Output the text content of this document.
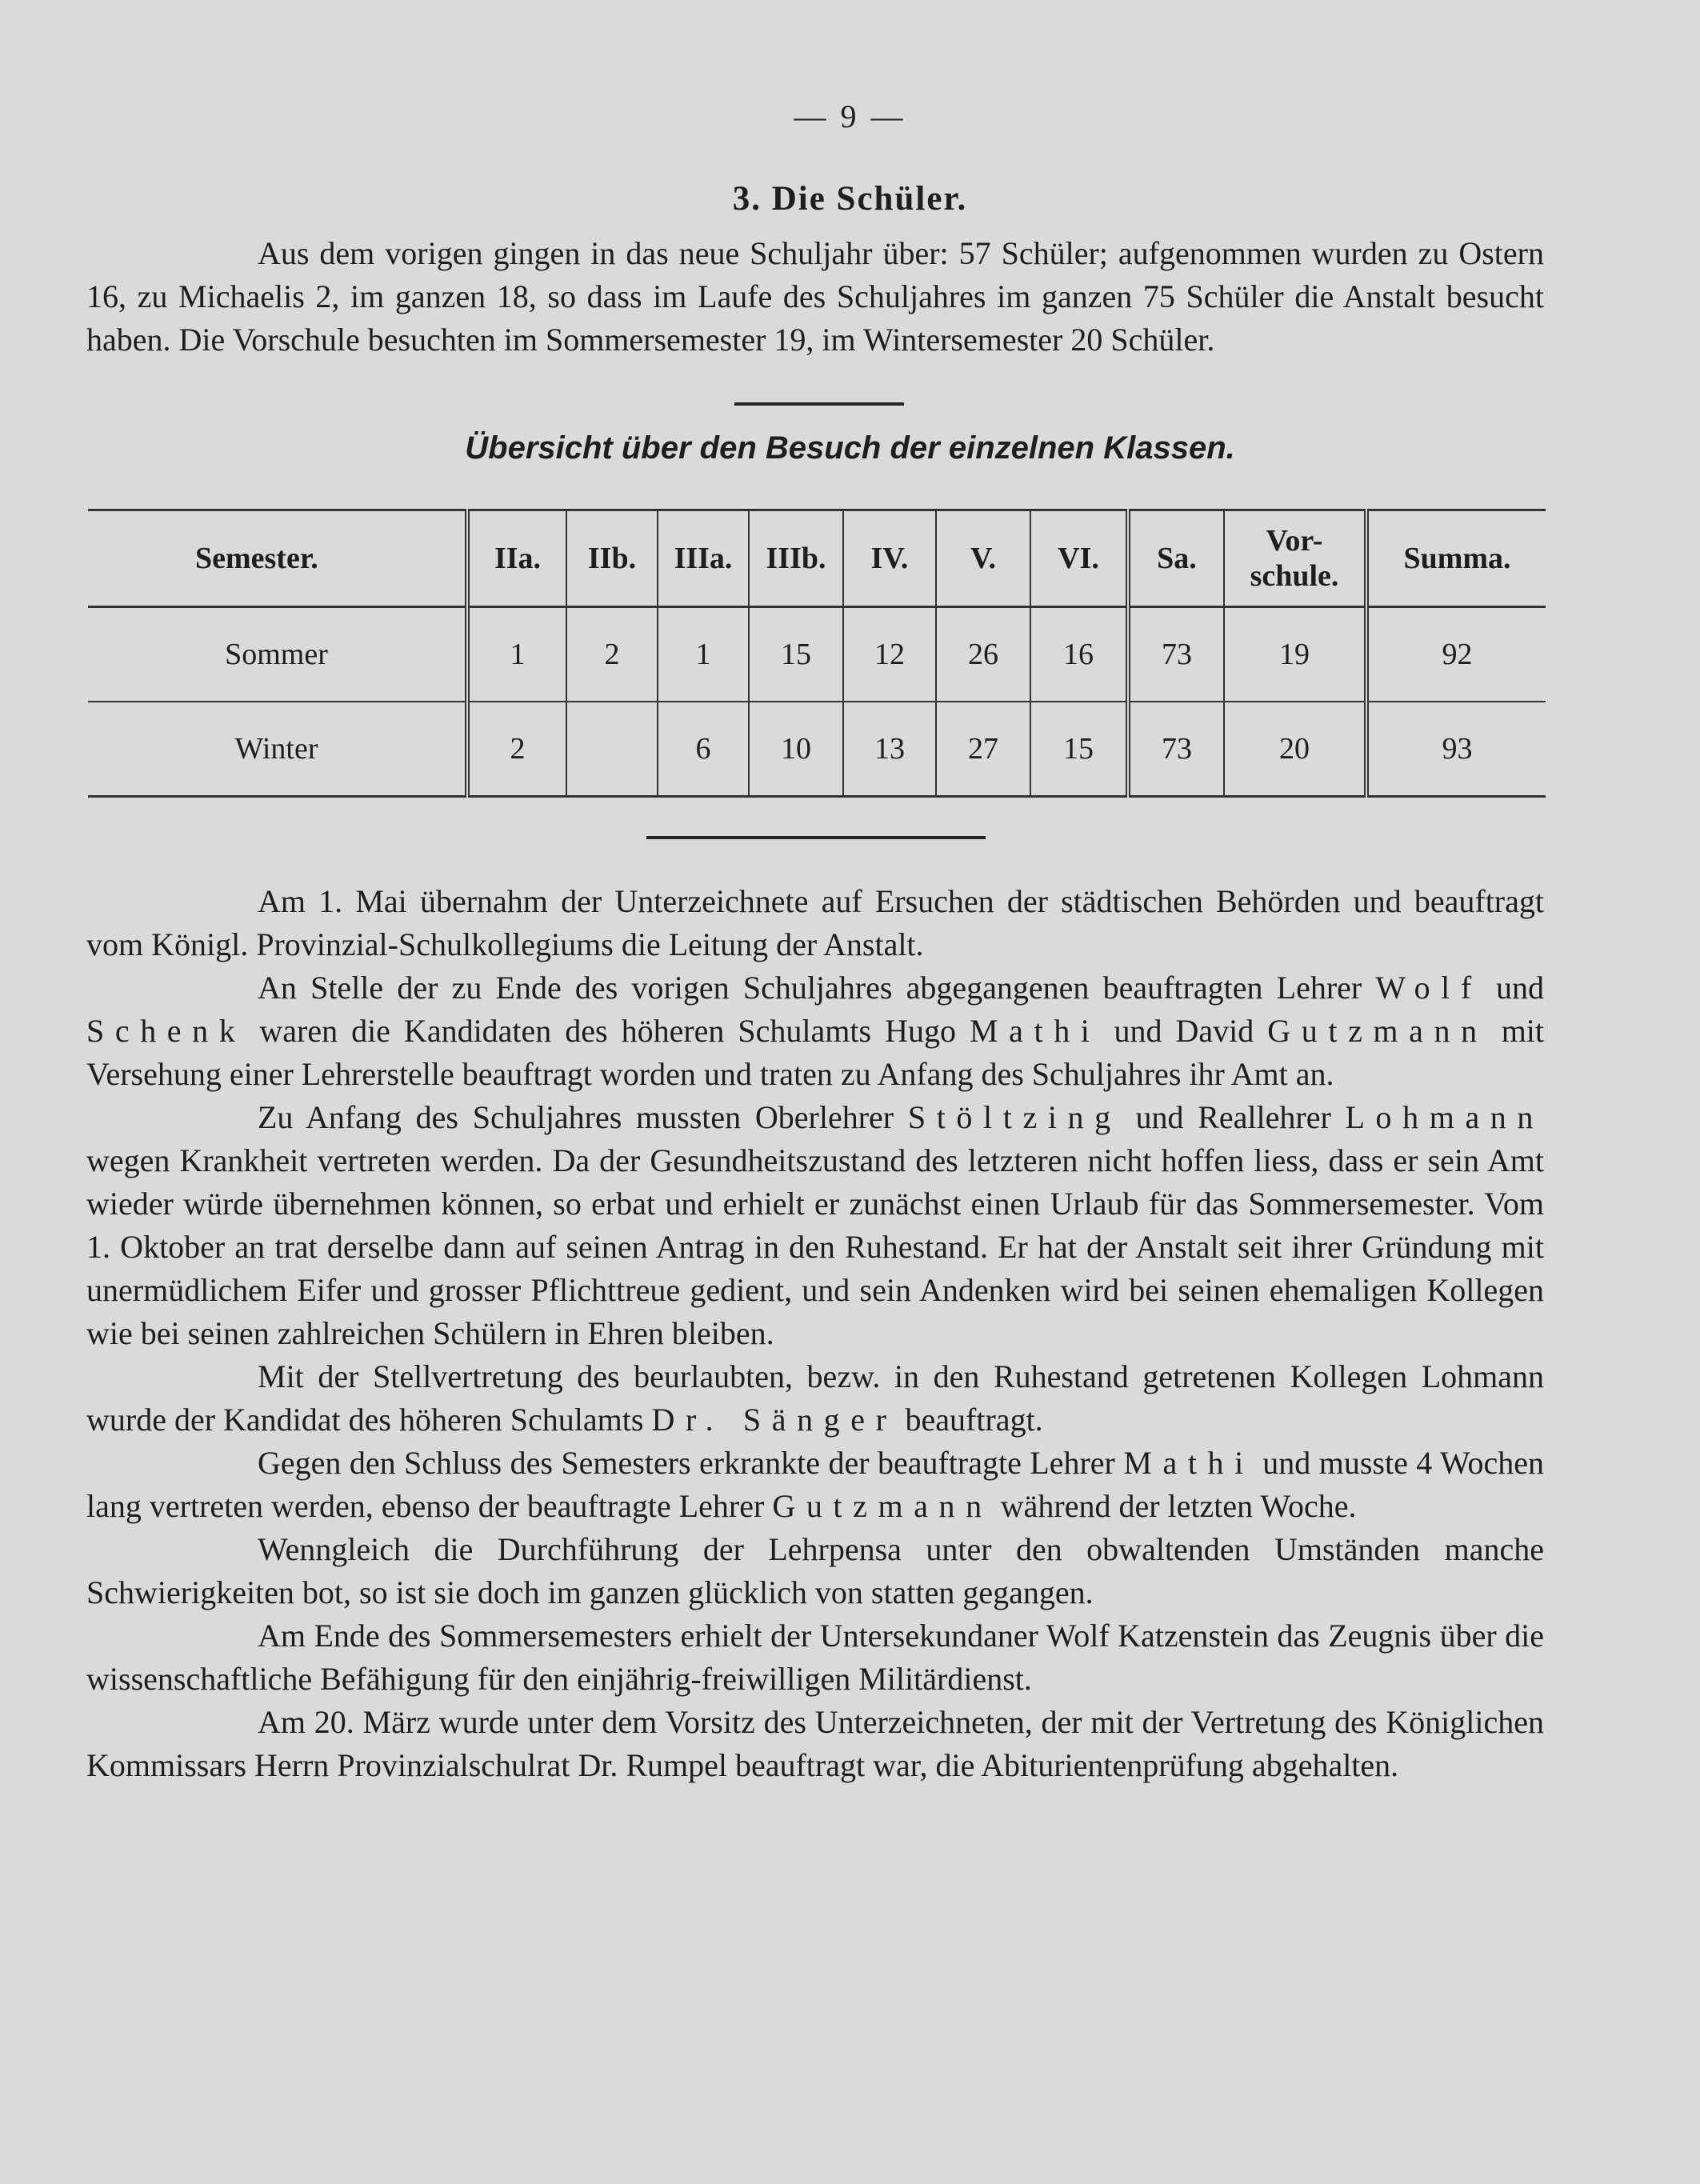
— 9 —
3. Die Schüler.

Aus dem vorigen gingen in das neue Schuljahr über: 57 Schüler; aufgenommen wurden zu Ostern 16, zu Michaelis 2, im ganzen 18, so dass im Laufe des Schuljahres im ganzen 75 Schüler die Anstalt besucht haben. Die Vorschule besuchten im Sommersemester 19, im Wintersemester 20 Schüler.

Übersicht über den Besuch der einzelnen Klassen.
Semester.	IIa.	IIb.	IIIa.	IIIb.	IV.	V.	VI.	Sa.	Vor-
schule.	Summa.
Sommer	1	2	1	15	12	26	16	73	19	92
Winter	2		6	10	13	27	15	73	20	93

Am 1. Mai übernahm der Unterzeichnete auf Ersuchen der städtischen Behörden und beauftragt vom Königl. Provinzial-Schulkollegiums die Leitung der Anstalt.

An Stelle der zu Ende des vorigen Schuljahres abgegangenen beauftragten Lehrer Wolf und Schenk waren die Kandidaten des höheren Schulamts Hugo Mathi und David Gutzmann mit Versehung einer Lehrerstelle beauftragt worden und traten zu Anfang des Schuljahres ihr Amt an.

Zu Anfang des Schuljahres mussten Oberlehrer Stöltzing und Reallehrer Lohmann wegen Krankheit vertreten werden. Da der Gesundheitszustand des letzteren nicht hoffen liess, dass er sein Amt wieder würde übernehmen können, so erbat und erhielt er zunächst einen Urlaub für das Sommersemester. Vom 1. Oktober an trat derselbe dann auf seinen Antrag in den Ruhestand. Er hat der Anstalt seit ihrer Gründung mit unermüdlichem Eifer und grosser Pflichttreue gedient, und sein Andenken wird bei seinen ehemaligen Kollegen wie bei seinen zahlreichen Schülern in Ehren bleiben.

Mit der Stellvertretung des beurlaubten, bezw. in den Ruhestand getretenen Kollegen Lohmann wurde der Kandidat des höheren Schulamts Dr. Sänger beauftragt.

Gegen den Schluss des Semesters erkrankte der beauftragte Lehrer Mathi und musste 4 Wochen lang vertreten werden, ebenso der beauftragte Lehrer Gutzmann während der letzten Woche.

Wenngleich die Durchführung der Lehrpensa unter den obwaltenden Umständen manche Schwierigkeiten bot, so ist sie doch im ganzen glücklich von statten gegangen.

Am Ende des Sommersemesters erhielt der Untersekundaner Wolf Katzenstein das Zeugnis über die wissenschaftliche Befähigung für den einjährig-freiwilligen Militärdienst.

Am 20. März wurde unter dem Vorsitz des Unterzeichneten, der mit der Vertretung des Königlichen Kommissars Herrn Provinzialschulrat Dr. Rumpel beauftragt war, die Abiturientenprüfung abgehalten.
